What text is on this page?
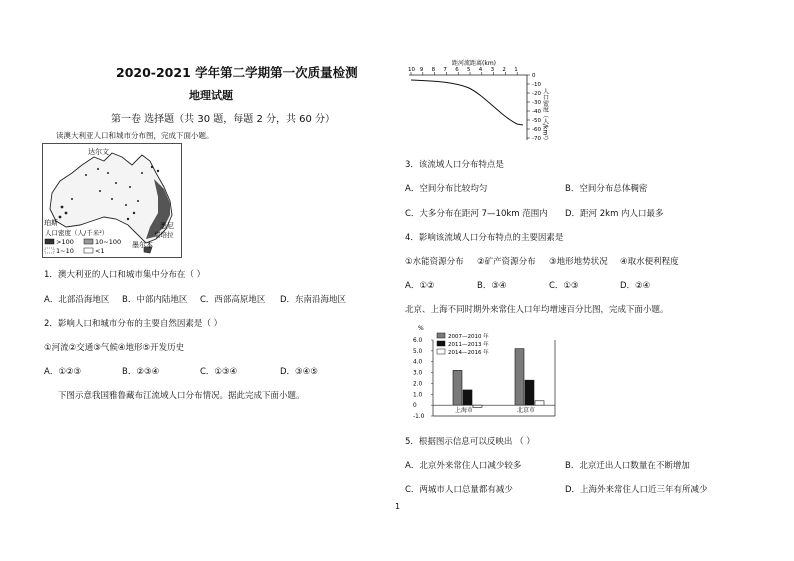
2020-2021 学年第二学期第一次质量检测
地理试题
第一卷 选择题（共 30 题，每题 2 分，共 60 分）
读澳大利亚人口和城市分布图，完成下面小题。
达尔文
珀斯
墨尔本
悉尼
堪培拉
人口密度（人/千米²）
>100	10~100
1~10	<1
1．澳大利亚的人口和城市集中分布在（ ）
A．北部沿海地区 B．中部内陆地区 C．西部高原地区 D．东南沿海地区
2．影响人口和城市分布的主要自然因素是（ ）
①河流②交通③气候④地形⑤开发历史
A．①②③	B．②③④	C．①③④	D．③④⑤
下图示意我国雅鲁藏布江流域人口分布情况。据此完成下面小题。
1
距河流距离(km)
10 9 8 7 6 5 4 3 2 1
0
-10
-20
-30
-40
-50
-60
-70 人口密度（人/km²）
3．该流域人口分布特点是
A．空间分布比较均匀	B．空间分布总体稠密
C．大多分布在距河 7—10km 范围内 D．距河 2km 内人口最多
4．影响该流域人口分布特点的主要因素是
①水能资源分布 ②矿产资源分布 ③地形地势状况 ④取水便利程度
A．①②	B．③④	C．①③	D．②④
北京、上海不同时期外来常住人口年均增速百分比图，完成下面小题。
%
6.0
5.0
4.0
3.0
2.0
1.0
0
-1.0
上海市	北京市
2007—2010 年
2011—2013 年
2014—2016 年
5．根据图示信息可以反映出 （ ）
A．北京外来常住人口减少较多	B．北京迁出人口数量在不断增加
C．两城市人口总量都有减少	D．上海外来常住人口近三年有所减少
